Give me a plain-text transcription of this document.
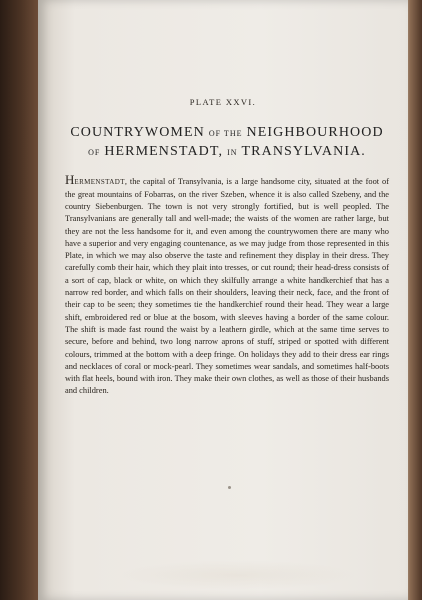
PLATE XXVI.
COUNTRYWOMEN OF THE NEIGHBOURHOOD
OF HERMENSTADT, IN TRANSYLVANIA.

HERMENSTADT, the capital of Transylvania, is a large handsome city, situated at the foot of the great mountains of Fobarras, on the river Szeben, whence it is also called Szebeny, and the country Siebenburgen. The town is not very strongly fortified, but is well peopled. The Transylvanians are generally tall and well-made; the waists of the women are rather large, but they are not the less handsome for it, and even among the countrywomen there are many who have a superior and very engaging countenance, as we may judge from those represented in this Plate, in which we may also observe the taste and refinement they display in their dress. They carefully comb their hair, which they plait into tresses, or cut round; their head-dress consists of a sort of cap, black or white, on which they skilfully arrange a white handkerchief that has a narrow red border, and which falls on their shoulders, leaving their neck, face, and the front of their cap to be seen; they sometimes tie the handkerchief round their head. They wear a large shift, embroidered red or blue at the bosom, with sleeves having a border of the same colour. The shift is made fast round the waist by a leathern girdle, which at the same time serves to secure, before and behind, two long narrow aprons of stuff, striped or spotted with different colours, trimmed at the bottom with a deep fringe. On holidays they add to their dress ear rings and necklaces of coral or mock-pearl. They sometimes wear sandals, and sometimes half-boots with flat heels, bound with iron. They make their own clothes, as well as those of their husbands and children.
